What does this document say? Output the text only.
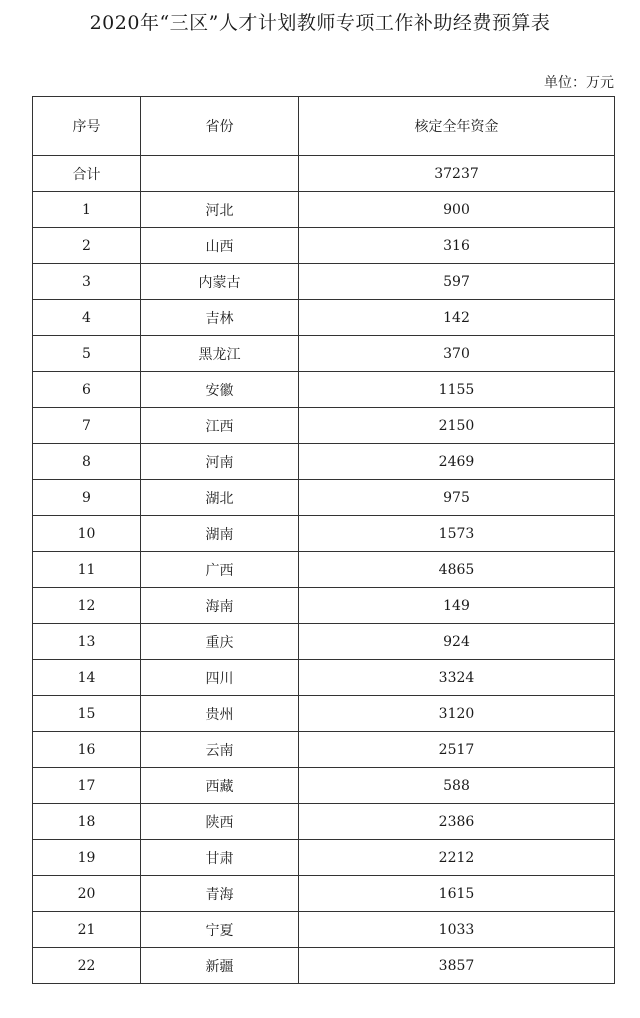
2020年“三区”人才计划教师专项工作补助经费预算表
单位：万元
序号	省份	核定全年资金
合计		37237
1	河北	900
2	山西	316
3	内蒙古	597
4	吉林	142
5	黑龙江	370
6	安徽	1155
7	江西	2150
8	河南	2469
9	湖北	975
10	湖南	1573
11	广西	4865
12	海南	149
13	重庆	924
14	四川	3324
15	贵州	3120
16	云南	2517
17	西藏	588
18	陕西	2386
19	甘肃	2212
20	青海	1615
21	宁夏	1033
22	新疆	3857
